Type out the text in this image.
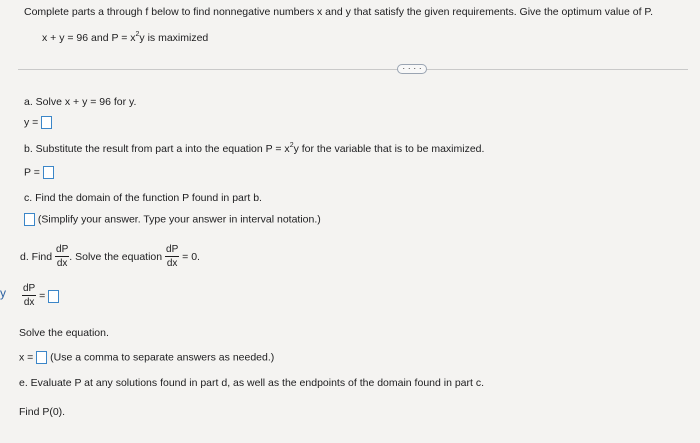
Complete parts a through f below to find nonnegative numbers x and y that satisfy the given requirements. Give the optimum value of P.
x + y = 96 and $P = x^2y$ is maximized
· · · ·
a. Solve x + y = 96 for y.
y =
b. Substitute the result from part a into the equation $P = x^2y$ for the variable that is to be maximized.
P =
c. Find the domain of the function P found in part b.
(Simplify your answer. Type your answer in interval notation.)
d. Find $\frac{dP}{dx}$ . Solve the equation $\frac{dP}{dx} = 0$.
y $\frac{dP}{dx}$ =
Solve the equation.
x = (Use a comma to separate answers as needed.)
e. Evaluate P at any solutions found in part d, as well as the endpoints of the domain found in part c.
Find P(0).
